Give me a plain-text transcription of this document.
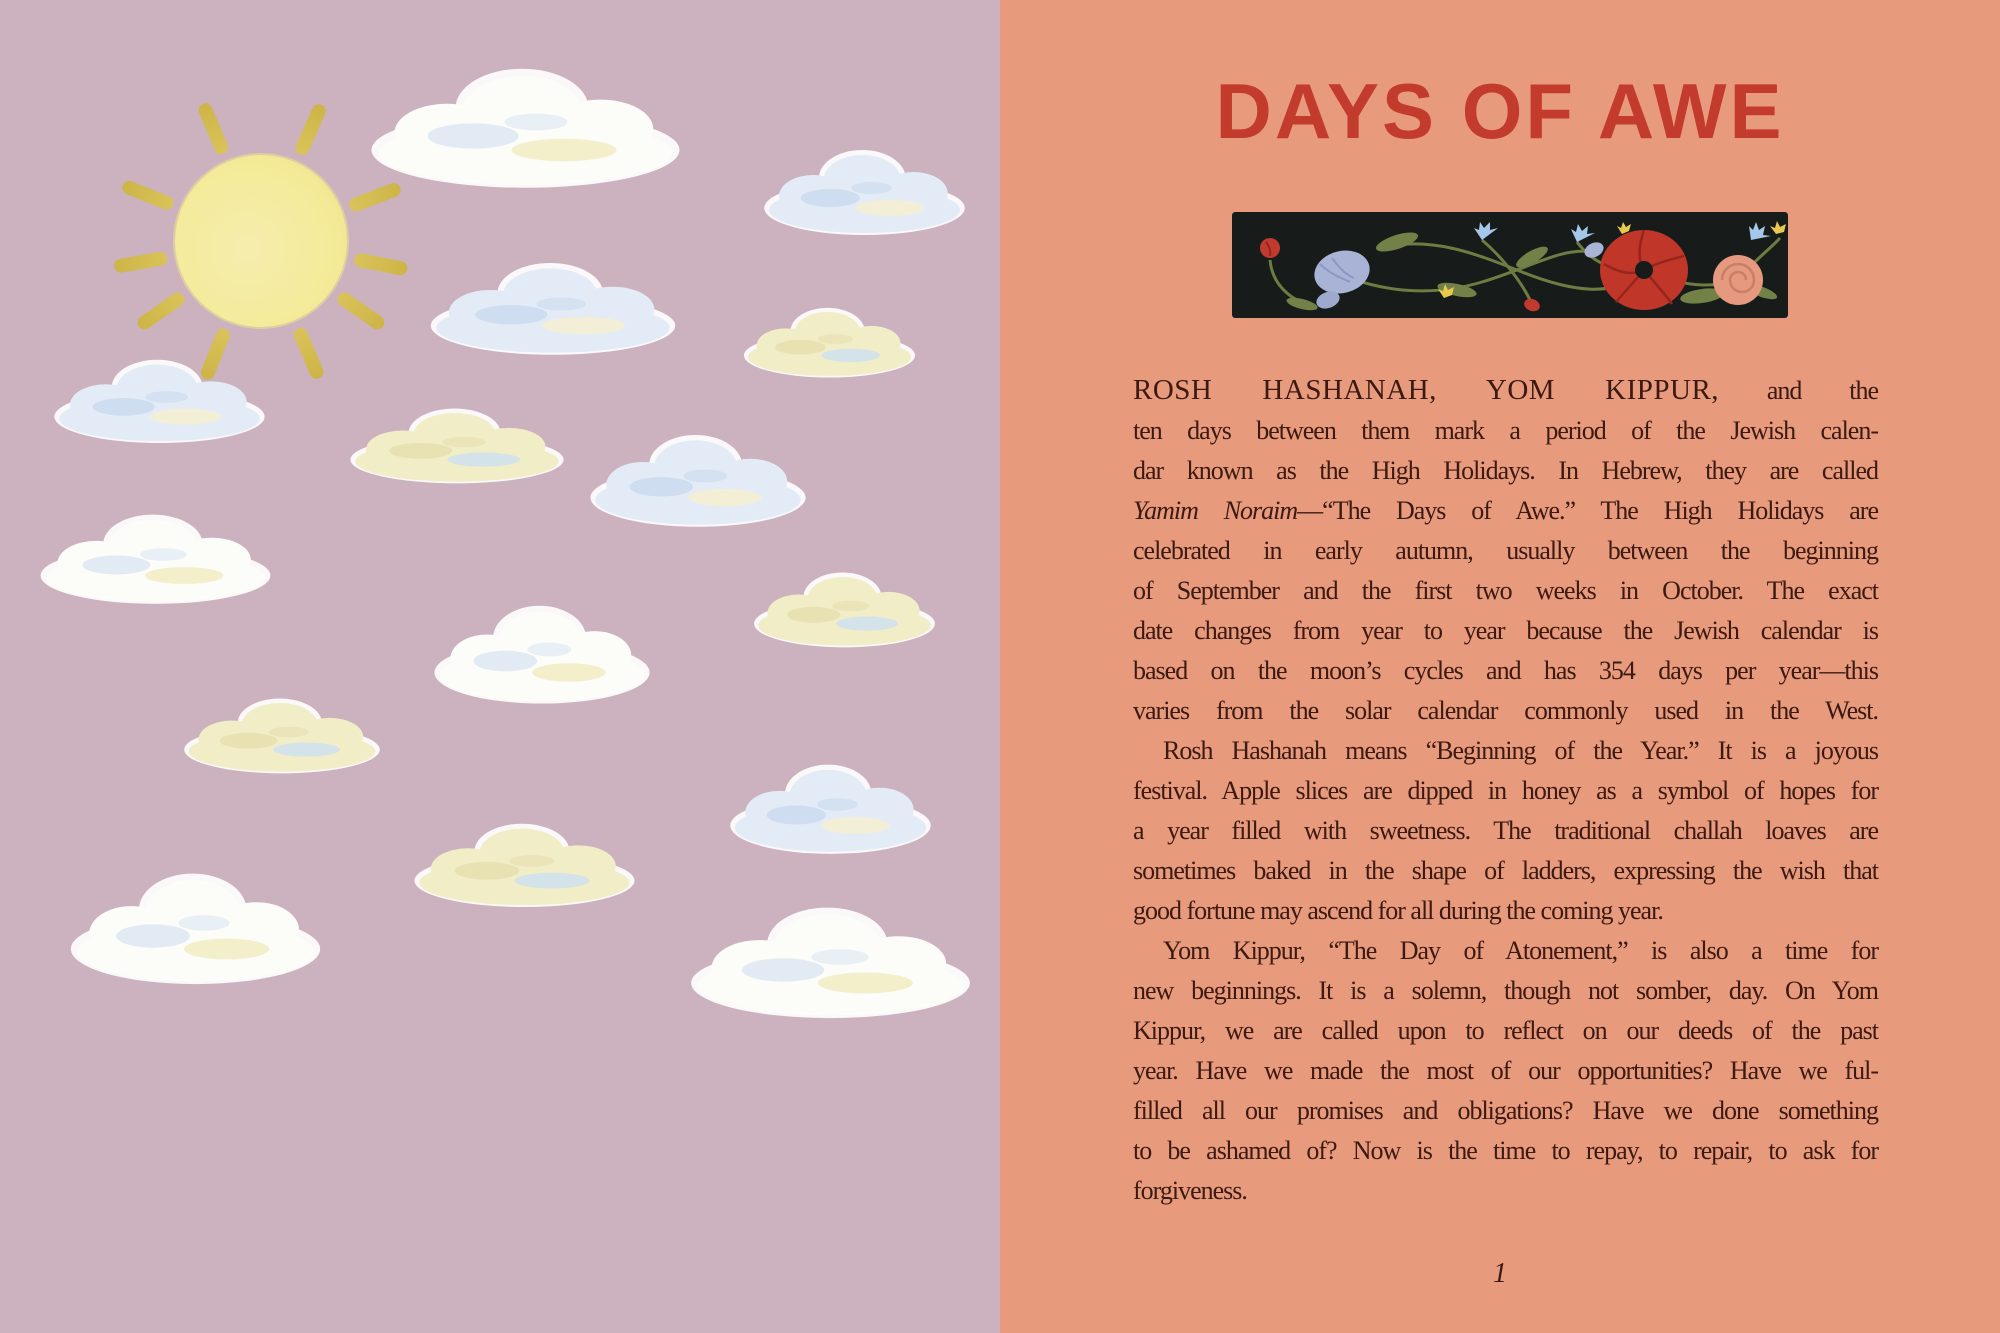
DAYS OF AWE
ROSH HASHANAH, YOM KIPPUR, and the
ten days between them mark a period of the Jewish calen-
dar known as the High Holidays. In Hebrew, they are called
Yamim Noraim—“The Days of Awe.” The High Holidays are
celebrated in early autumn, usually between the beginning
of September and the first two weeks in October. The exact
date changes from year to year because the Jewish calendar is
based on the moon’s cycles and has 354 days per year—this
varies from the solar calendar commonly used in the West.
Rosh Hashanah means “Beginning of the Year.” It is a joyous
festival. Apple slices are dipped in honey as a symbol of hopes for
a year filled with sweetness. The traditional challah loaves are
sometimes baked in the shape of ladders, expressing the wish that
good fortune may ascend for all during the coming year.
Yom Kippur, “The Day of Atonement,” is also a time for
new beginnings. It is a solemn, though not somber, day. On Yom
Kippur, we are called upon to reflect on our deeds of the past
year. Have we made the most of our opportunities? Have we ful-
filled all our promises and obligations? Have we done something
to be ashamed of? Now is the time to repay, to repair, to ask for
forgiveness.
1
